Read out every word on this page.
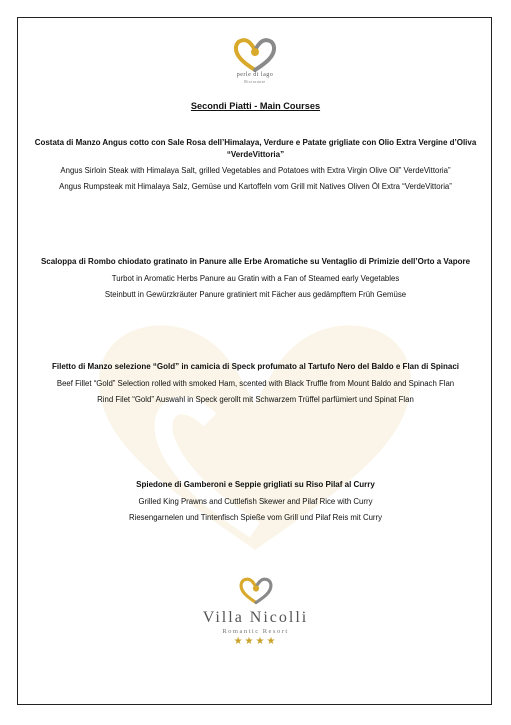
perle di lago
Ristorante
Secondi Piatti - Main Courses

Costata di Manzo Angus cotto con Sale Rosa dell’Himalaya, Verdure e Patate grigliate con Olio Extra Vergine d’Oliva “VerdeVittoria”

Angus Sirloin Steak with Himalaya Salt, grilled Vegetables and Potatoes with Extra Virgin Olive Oil” VerdeVittoria”

Angus Rumpsteak mit Himalaya Salz, Gemüse und Kartoffeln vom Grill mit Natives Oliven Öl Extra “VerdeVittoria”

Scaloppa di Rombo chiodato gratinato in Panure alle Erbe Aromatiche su Ventaglio di Primizie dell’Orto a Vapore

Turbot in Aromatic Herbs Panure au Gratin with a Fan of Steamed early Vegetables

Steinbutt in Gewürzkräuter Panure gratiniert mit Fächer aus gedämpftem Früh Gemüse

Filetto di Manzo selezione “Gold” in camicia di Speck profumato al Tartufo Nero del Baldo e Flan di Spinaci

Beef Fillet “Gold” Selection rolled with smoked Ham, scented with Black Truffle from Mount Baldo and Spinach Flan

Rind Filet “Gold” Auswahl in Speck gerollt mit Schwarzem Trüffel parfümiert und Spinat Flan

Spiedone di Gamberoni e Seppie grigliati su Riso Pilaf al Curry

Grilled King Prawns and Cuttlefish Skewer and Pilaf Rice with Curry

Riesengarnelen und Tintenfisch Spieße vom Grill und Pilaf Reis mit Curry

Villa Nicolli
Romantic Resort
★★★★
